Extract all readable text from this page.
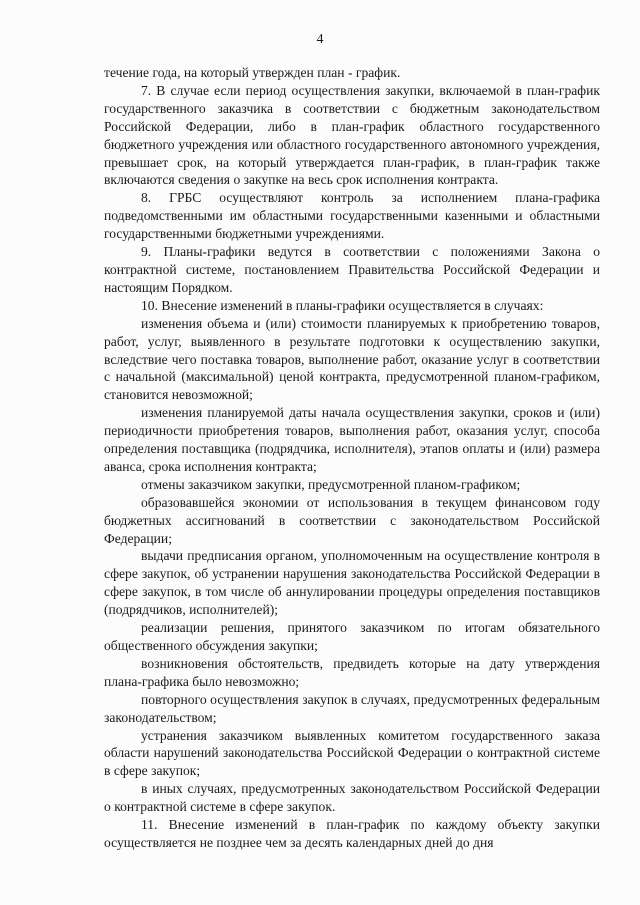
4

течение года, на который утвержден план - график.

7. В случае если период осуществления закупки, включаемой в план-график государственного заказчика в соответствии с бюджетным законодательством Российской Федерации, либо в план-график областного государственного бюджетного учреждения или областного государственного автономного учреждения, превышает срок, на который утверждается план-график, в план-график также включаются сведения о закупке на весь срок исполнения контракта.

8. ГРБС осуществляют контроль за исполнением плана-графика подведомственными им областными государственными казенными и областными государственными бюджетными учреждениями.

9. Планы-графики ведутся в соответствии с положениями Закона о контрактной системе, постановлением Правительства Российской Федерации и настоящим Порядком.

10. Внесение изменений в планы-графики осуществляется в случаях:

изменения объема и (или) стоимости планируемых к приобретению товаров, работ, услуг, выявленного в результате подготовки к осуществлению закупки, вследствие чего поставка товаров, выполнение работ, оказание услуг в соответствии с начальной (максимальной) ценой контракта, предусмотренной планом-графиком, становится невозможной;

изменения планируемой даты начала осуществления закупки, сроков и (или) периодичности приобретения товаров, выполнения работ, оказания услуг, способа определения поставщика (подрядчика, исполнителя), этапов оплаты и (или) размера аванса, срока исполнения контракта;

отмены заказчиком закупки, предусмотренной планом-графиком;

образовавшейся экономии от использования в текущем финансовом году бюджетных ассигнований в соответствии с законодательством Российской Федерации;

выдачи предписания органом, уполномоченным на осуществление контроля в сфере закупок, об устранении нарушения законодательства Российской Федерации в сфере закупок, в том числе об аннулировании процедуры определения поставщиков (подрядчиков, исполнителей);

реализации решения, принятого заказчиком по итогам обязательного общественного обсуждения закупки;

возникновения обстоятельств, предвидеть которые на дату утверждения плана-графика было невозможно;

повторного осуществления закупок в случаях, предусмотренных федеральным законодательством;

устранения заказчиком выявленных комитетом государственного заказа области нарушений законодательства Российской Федерации о контрактной системе в сфере закупок;

в иных случаях, предусмотренных законодательством Российской Федерации о контрактной системе в сфере закупок.

11. Внесение изменений в план-график по каждому объекту закупки осуществляется не позднее чем за десять календарных дней до дня
